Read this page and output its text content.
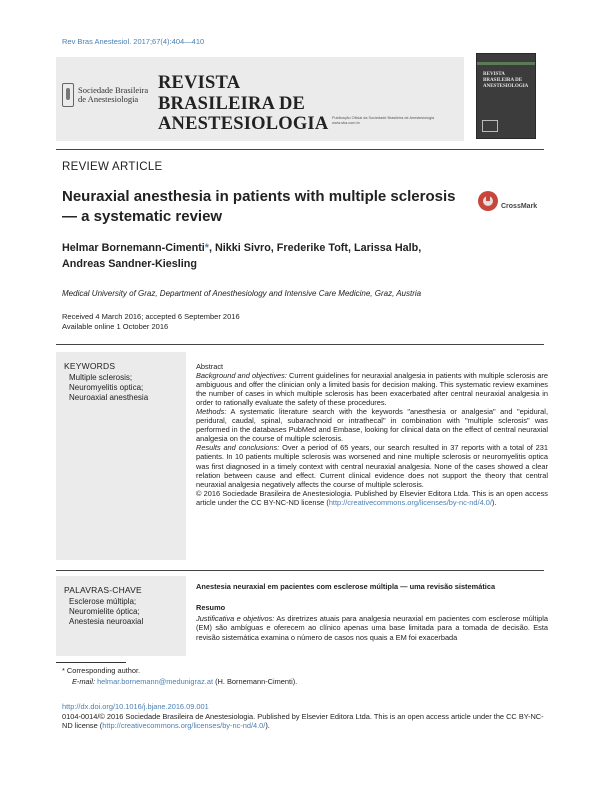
Rev Bras Anestesiol. 2017;67(4):404—410
Sociedade Brasileira
de Anestesiologia
REVISTA
BRASILEIRA DE
ANESTESIOLOGIA Publicação Oficial da Sociedade Brasileira de Anestesiologia
www.sba.com.br
REVISTA
BRASILEIRA DE
ANESTESIOLOGIA
REVIEW ARTICLE
Neuraxial anesthesia in patients with multiple sclerosis — a systematic review
CrossMark
Helmar Bornemann-Cimenti*, Nikki Sivro, Frederike Toft, Larissa Halb,
Andreas Sandner-Kiesling
Medical University of Graz, Department of Anesthesiology and Intensive Care Medicine, Graz, Austria
Received 4 March 2016; accepted 6 September 2016
Available online 1 October 2016
KEYWORDS
Multiple sclerosis;
Neuromyelitis optica;
Neuroaxial anesthesia

Abstract

Background and objectives: Current guidelines for neuraxial analgesia in patients with multiple sclerosis are ambiguous and offer the clinician only a limited basis for decision making. This systematic review examines the number of cases in which multiple sclerosis has been exacerbated after central neuraxial analgesia in order to rationally evaluate the safety of these procedures.

Methods: A systematic literature search with the keywords "anesthesia or analgesia" and "epidural, peridural, caudal, spinal, subarachnoid or intrathecal" in combination with "multiple sclerosis" was performed in the databases PubMed and Embase, looking for clinical data on the effect of central neuraxial analgesia on the course of multiple sclerosis.

Results and conclusions: Over a period of 65 years, our search resulted in 37 reports with a total of 231 patients. In 10 patients multiple sclerosis was worsened and nine multiple sclerosis or neuromyelitis optica was first diagnosed in a timely context with central neuraxial analgesia. None of the cases showed a clear relation between cause and effect. Current clinical evidence does not support the theory that central neuraxial analgesia negatively affects the course of multiple sclerosis.

© 2016 Sociedade Brasileira de Anestesiologia. Published by Elsevier Editora Ltda. This is an open access article under the CC BY-NC-ND license (http://creativecommons.org/licenses/by-nc-nd/4.0/).

PALAVRAS-CHAVE
Esclerose múltipla;
Neuromielite óptica;
Anestesia neuroaxial
Anestesia neuraxial em pacientes com esclerose múltipla — uma revisão sistemática
Resumo
Justificativa e objetivos: As diretrizes atuais para analgesia neuraxial em pacientes com esclerose múltipla (EM) são ambíguas e oferecem ao clínico apenas uma base limitada para a tomada de decisão. Esta revisão sistemática examina o número de casos nos quais a EM foi exacerbada
* Corresponding author.
E-mail: helmar.bornemann@medunigraz.at (H. Bornemann-Cimenti).
http://dx.doi.org/10.1016/j.bjane.2016.09.001
0104-0014/© 2016 Sociedade Brasileira de Anestesiologia. Published by Elsevier Editora Ltda. This is an open access article under the CC BY-NC-ND license (http://creativecommons.org/licenses/by-nc-nd/4.0/).
